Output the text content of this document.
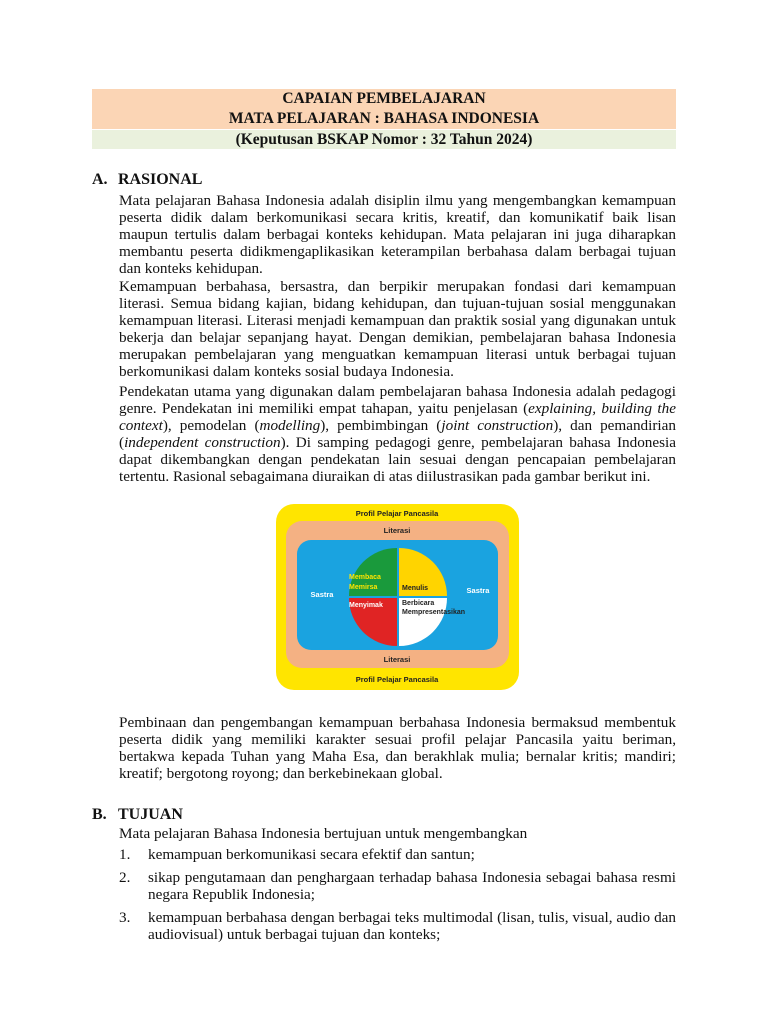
CAPAIAN PEMBELAJARAN
MATA PELAJARAN : BAHASA INDONESIA
(Keputusan BSKAP Nomor : 32 Tahun 2024)
A. RASIONAL

Mata pelajaran Bahasa Indonesia adalah disiplin ilmu yang mengembangkan kemampuan peserta didik dalam berkomunikasi secara kritis, kreatif, dan komunikatif baik lisan maupun tertulis dalam berbagai konteks kehidupan. Mata pelajaran ini juga diharapkan membantu peserta didikmengaplikasikan keterampilan berbahasa dalam berbagai tujuan dan konteks kehidupan.

Kemampuan berbahasa, bersastra, dan berpikir merupakan fondasi dari kemampuan literasi. Semua bidang kajian, bidang kehidupan, dan tujuan-tujuan sosial menggunakan kemampuan literasi. Literasi menjadi kemampuan dan praktik sosial yang digunakan untuk bekerja dan belajar sepanjang hayat. Dengan demikian, pembelajaran bahasa Indonesia merupakan pembelajaran yang menguatkan kemampuan literasi untuk berbagai tujuan berkomunikasi dalam konteks sosial budaya Indonesia.

Pendekatan utama yang digunakan dalam pembelajaran bahasa Indonesia adalah pedagogi genre. Pendekatan ini memiliki empat tahapan, yaitu penjelasan (explaining, building the context), pemodelan (modelling), pembimbingan (joint construction), dan pemandirian (independent construction). Di samping pedagogi genre, pembelajaran bahasa Indonesia dapat dikembangkan dengan pendekatan lain sesuai dengan pencapaian pembelajaran tertentu. Rasional sebagaimana diuraikan di atas diilustrasikan pada gambar berikut ini.

Profil Pelajar Pancasila
Profil Pelajar Pancasila
Literasi
Literasi
Sastra	Sastra
Membaca
Memirsa	Menulis
Menyimak	Berbicara
Mempresentasikan

Pembinaan dan pengembangan kemampuan berbahasa Indonesia bermaksud membentuk peserta didik yang memiliki karakter sesuai profil pelajar Pancasila yaitu beriman, bertakwa kepada Tuhan yang Maha Esa, dan berakhlak mulia; bernalar kritis; mandiri; kreatif; bergotong royong; dan berkebinekaan global.

B. TUJUAN

Mata pelajaran Bahasa Indonesia bertujuan untuk mengembangkan

1. kemampuan berkomunikasi secara efektif dan santun;
2. sikap pengutamaan dan penghargaan terhadap bahasa Indonesia sebagai bahasa resmi negara Republik Indonesia;
3. kemampuan berbahasa dengan berbagai teks multimodal (lisan, tulis, visual, audio dan audiovisual) untuk berbagai tujuan dan konteks;
